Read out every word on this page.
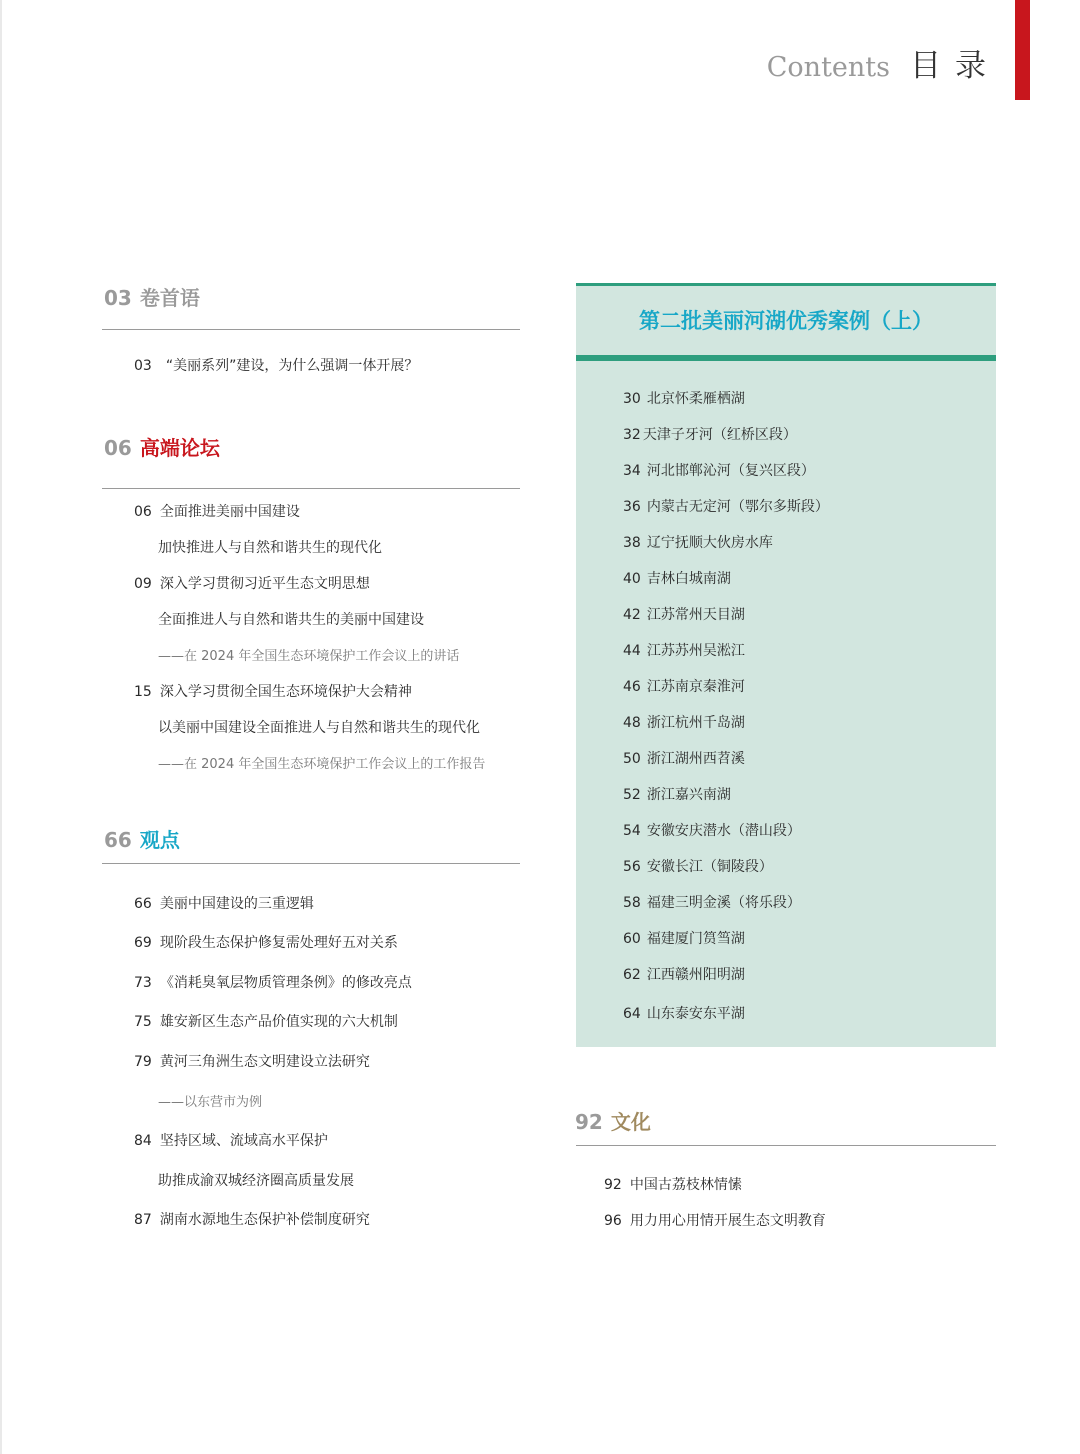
Contents 目录
03 卷首语
03 “美丽系列”建设，为什么强调一体开展？
06 高端论坛
06 全面推进美丽中国建设
加快推进人与自然和谐共生的现代化
09 深入学习贯彻习近平生态文明思想
全面推进人与自然和谐共生的美丽中国建设
——在 2024 年全国生态环境保护工作会议上的讲话
15 深入学习贯彻全国生态环境保护大会精神
以美丽中国建设全面推进人与自然和谐共生的现代化
——在 2024 年全国生态环境保护工作会议上的工作报告
66 观点
66 美丽中国建设的三重逻辑
69 现阶段生态保护修复需处理好五对关系
73 《消耗臭氧层物质管理条例》的修改亮点
75 雄安新区生态产品价值实现的六大机制
79 黄河三角洲生态文明建设立法研究
——以东营市为例
84 坚持区域、流域高水平保护
助推成渝双城经济圈高质量发展
87 湖南水源地生态保护补偿制度研究
第二批美丽河湖优秀案例（上）
30 北京怀柔雁栖湖
32 天津子牙河（红桥区段）
34 河北邯郸沁河（复兴区段）
36 内蒙古无定河（鄂尔多斯段）
38 辽宁抚顺大伙房水库
40 吉林白城南湖
42 江苏常州天目湖
44 江苏苏州吴淞江
46 江苏南京秦淮河
48 浙江杭州千岛湖
50 浙江湖州西苕溪
52 浙江嘉兴南湖
54 安徽安庆潜水（潜山段）
56 安徽长江（铜陵段）
58 福建三明金溪（将乐段）
60 福建厦门筼筜湖
62 江西赣州阳明湖
64 山东泰安东平湖
92 文化
92 中国古荔枝林情愫
96 用力用心用情开展生态文明教育
